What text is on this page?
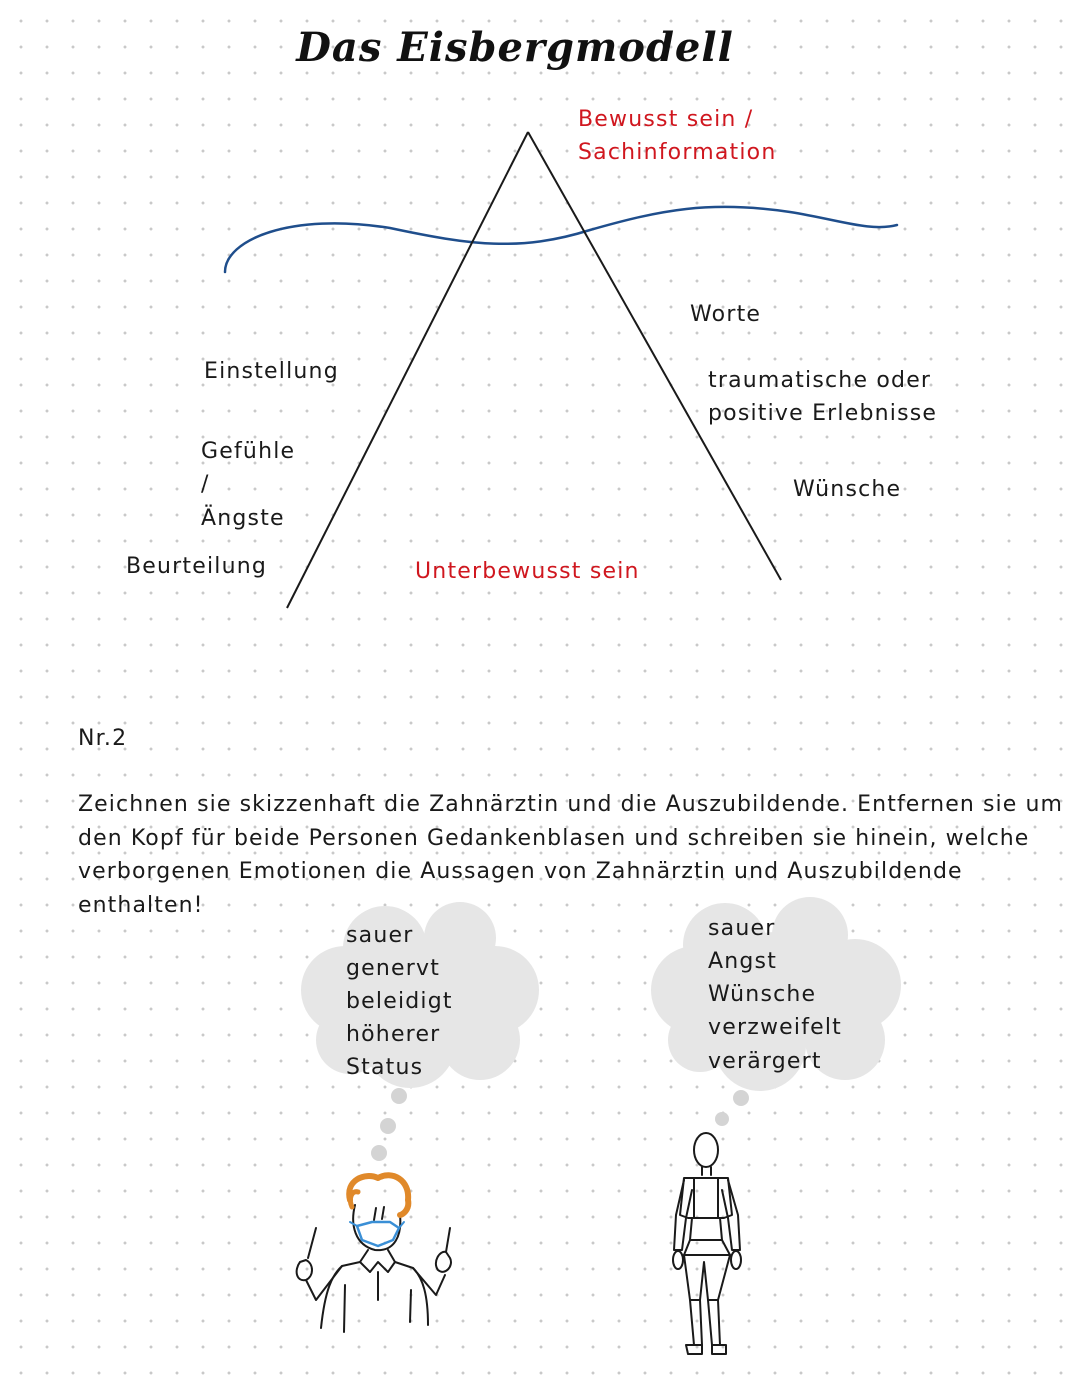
Das Eisbergmodell
Bewusst sein /
Sachinformation
Worte
traumatische oder
positive Erlebnisse
Wünsche
Einstellung
Gefühle
/
Ängste
Beurteilung	Unterbewusst sein
Nr.2
Zeichnen sie skizzenhaft die Zahnärztin und die Auszubildende. Entfernen sie um
den Kopf für beide Personen Gedankenblasen und schreiben sie hinein, welche
verborgenen Emotionen die Aussagen von Zahnärztin und Auszubildende
enthalten!
sauer
genervt
beleidigt
höherer
Status
sauer
Angst
Wünsche
verzweifelt
verärgert
